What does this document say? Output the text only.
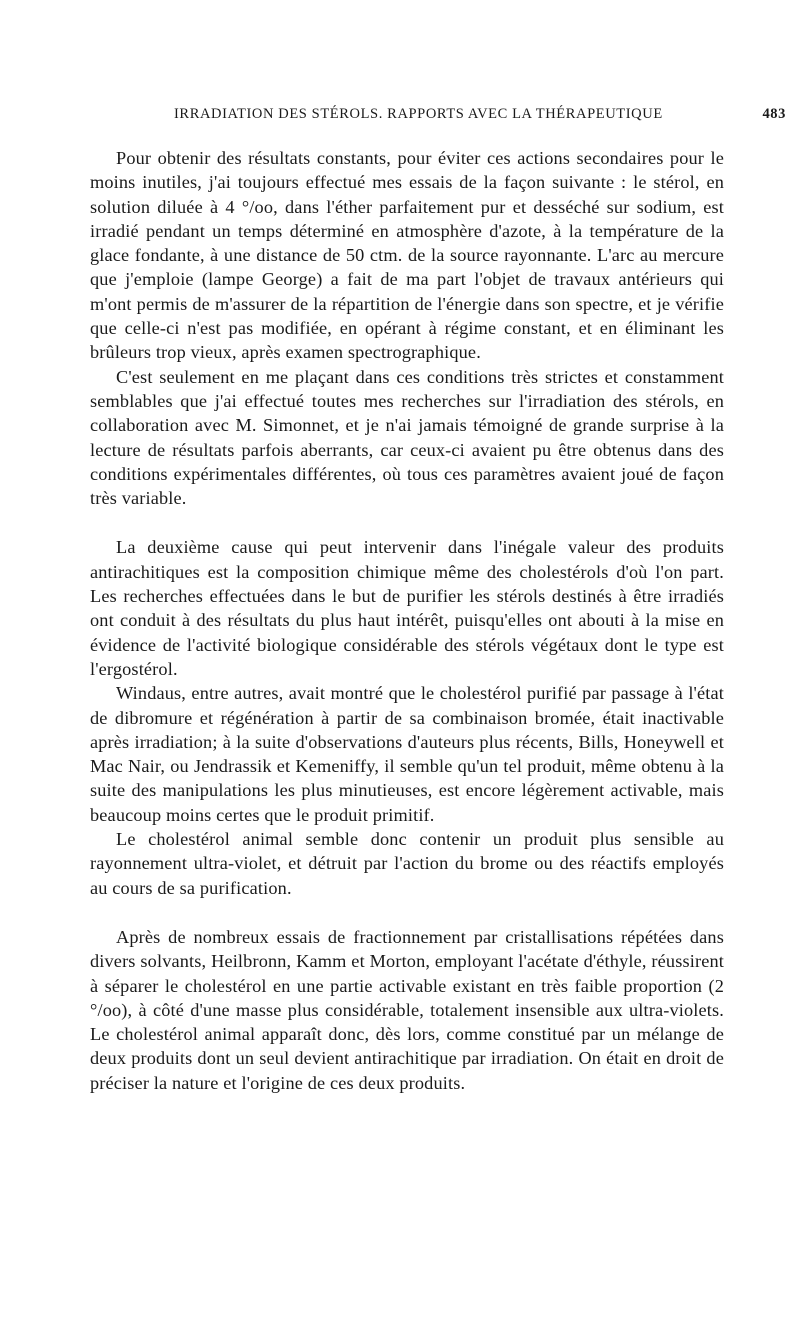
IRRADIATION DES STÉROLS. RAPPORTS AVEC LA THÉRAPEUTIQUE	483

Pour obtenir des résultats constants, pour éviter ces actions secondaires pour le moins inutiles, j'ai toujours effectué mes essais de la façon suivante : le stérol, en solution diluée à 4 °/oo, dans l'éther parfaitement pur et desséché sur sodium, est irradié pendant un temps déterminé en atmosphère d'azote, à la température de la glace fondante, à une distance de 50 ctm. de la source rayonnante. L'arc au mercure que j'emploie (lampe George) a fait de ma part l'objet de travaux antérieurs qui m'ont permis de m'assurer de la répartition de l'énergie dans son spectre, et je vérifie que celle-ci n'est pas modifiée, en opérant à régime constant, et en éliminant les brûleurs trop vieux, après examen spectrographique.

C'est seulement en me plaçant dans ces conditions très strictes et constamment semblables que j'ai effectué toutes mes recherches sur l'irradiation des stérols, en collaboration avec M. Simonnet, et je n'ai jamais témoigné de grande surprise à la lecture de résultats parfois aberrants, car ceux-ci avaient pu être obtenus dans des conditions expérimentales différentes, où tous ces paramètres avaient joué de façon très variable.

La deuxième cause qui peut intervenir dans l'inégale valeur des produits antirachitiques est la composition chimique même des cholestérols d'où l'on part. Les recherches effectuées dans le but de purifier les stérols destinés à être irradiés ont conduit à des résultats du plus haut intérêt, puisqu'elles ont abouti à la mise en évidence de l'activité biologique considérable des stérols végétaux dont le type est l'ergostérol.

Windaus, entre autres, avait montré que le cholestérol purifié par passage à l'état de dibromure et régénération à partir de sa combinaison bromée, était inactivable après irradiation; à la suite d'observations d'auteurs plus récents, Bills, Honeywell et Mac Nair, ou Jendrassik et Kemeniffy, il semble qu'un tel produit, même obtenu à la suite des manipulations les plus minutieuses, est encore légèrement activable, mais beaucoup moins certes que le produit primitif.

Le cholestérol animal semble donc contenir un produit plus sensible au rayonnement ultra-violet, et détruit par l'action du brome ou des réactifs employés au cours de sa purification.

Après de nombreux essais de fractionnement par cristallisations répétées dans divers solvants, Heilbronn, Kamm et Morton, employant l'acétate d'éthyle, réussirent à séparer le cholestérol en une partie activable existant en très faible proportion (2 °/oo), à côté d'une masse plus considérable, totalement insensible aux ultra-violets. Le cholestérol animal apparaît donc, dès lors, comme constitué par un mélange de deux produits dont un seul devient antirachitique par irradiation. On était en droit de préciser la nature et l'origine de ces deux produits.
